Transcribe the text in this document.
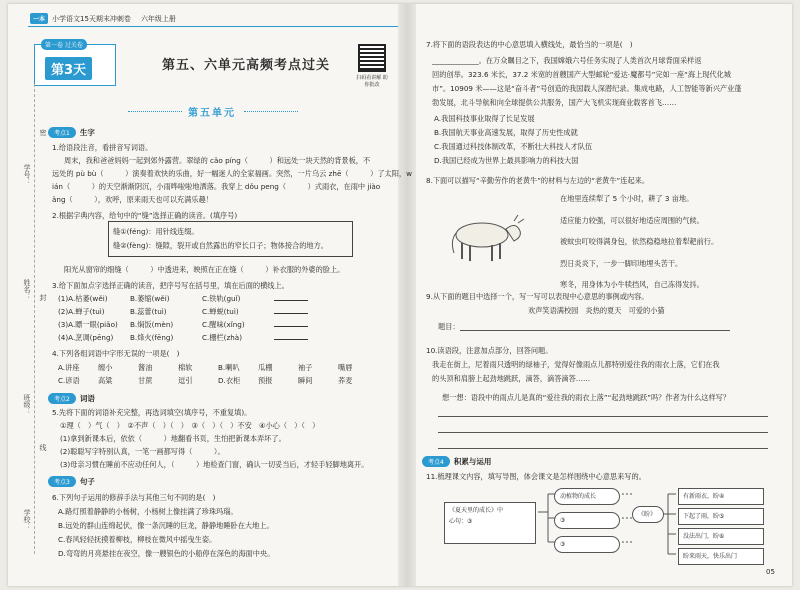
一本	小学语文15天期末冲刺卷 六年级上册
第一卷 过关卷
第3天	第五、六单元高频考点过关
扫码看讲解 助你批改
第五单元
学号：
姓名：
班级：
学校：
密
封
线
考点1	生字
1.给语段注音，看拼音写词语。
周末，我和爸爸妈妈一起到郊外露营。翠绿的 cǎo pínɡ（　　　）和远处一块天然的背景板，不
远处的 pù bù（　　　）演奏着欢快的乐曲，好一幅迷人的全家福画。突然，一片乌云 zhē（　　　）了太阳，w
ián（　　　）的天空渐渐阴沉，小雨哗啦啦地洒落。我穿上 dǒu penɡ（　　　）式雨衣，在雨中 jiào
ǎnɡ（　　　），欢呼，原来雨天也可以充满乐趣！
2.根据字典内容，给句中的“缝”选择正确的读音。(填序号)
缝①(fénɡ)：用针线连缀。
缝②(fènɡ)：缝隙，裂开或自然露出的窄长口子；物体接合的地方。
阳光从窗帘的细缝（　　　）中透进来，映照在正在缝（　　　）补衣服的外婆的脸上。
3.给下面加点字选择正确的读音，把序号写在括号里，填在后面的横线上。
(1)A.枯萎(wěi)	B.萎缩(wěi)	C.铁轨(guǐ)
(2)A.蝉子(tuì)	B.蕊蕾(tuì)	C.蝉蜕(tuì)
(3)A.瞟一眼(piǎo)	B.焖饭(mèn)	C.醒味(xǐnɡ)
(4)A.烹调(pēnɡ)	B.烽火(fēnɡ)	C.栅栏(zhà)
4.下列各组词语中字形无误的一项是(　)
A.讲座	缠小	酱油	棉软	B.喇叭	瓜棚	袖子	嘴唇
C.谚语	高粱	甘蔗	逗引	D.衣柜	预报	瞬间	荞麦
考点2	词语
5.先将下面的词语补充完整，再选词填空(填序号，不重复填)。
①理（　）气（　）　②不声（　）（　）　③（　）（　）不安　④小心（　）（　）
(1)拿到新课本后，依依（　　　）地翻看书页，生怕把新课本弄坏了。
(2)聪聪写字特别认真，一笔一画都写得（　　　）。
(3)母亲习惯在睡前不应动任何人，（　　　）地检查门窗，确认一切妥当后，才轻手轻脚地离开。
考点3	句子
6.下列句子运用的修辞手法与其他三句不同的是(　)
A.路灯照着静静的小杨树，小杨树上像挂满了珍珠玛瑙。
B.远处的群山连绵起伏，像一条沉睡的巨龙，静静地睡卧在大地上。
C.春风轻轻抚摸着柳枝，柳枝在微风中摇曳生姿。
D.弯弯的月亮悬挂在夜空，像一艘银色的小船停在深色的海面中央。
7.将下面的语段表达的中心意思填入横线处，最恰当的一项是(　)
_____________。在万众瞩目之下，我国嫦娥六号任务实现了人类首次月球背面采样返
回的创举。323.6 米长，37.2 米宽的首艘国产大型邮轮“爱达·魔都号”完如一座“海上现代化城
市”。10909 米——这是“奋斗者”号创造的我国载人深潜纪录。集成电路，人工智能等新兴产业蓬
勃发展，北斗导航和向全球提供公共服务，国产大飞机实现商业载客首飞……
A.我国科技事业取得了长足发展
B.我国航天事业高速发展，取得了历史性成就
C.我国通过科技体制改革，不断壮大科技人才队伍
D.我国已经成为世界上最具影响力的科技大国
8.下面可以描写“辛勤劳作的老黄牛”的材料与左边的“老黄牛”连起来。
在地里连续犁了 5 个小时，耕了 3 亩地。
适应能力较强，可以很好地适应周围的气候。
被蚊虫叮咬得满身包，依然稳稳地拉着犁耙前行。
烈日炎炎下，一步一脚印地埋头苦干。
寒冬，用身体为小牛犊挡风，自己冻得发抖。
9.从下面的题目中选择一个，写一写可以表现中心意思的事例或内容。
欢声笑语满校园　炎热的夏天　可爱的小猫
题目：
10.读语段，注意加点部分，回答问题。
我走在街上，尼着雨只透明的绿袖子，觉得好像雨点儿都特别爱往我的雨衣上落，它们在我
的头顶和肩膀上起劲地跳跃，滴答，滴答滴答……
想一想：语段中的雨点儿是真的“爱往我的雨衣上落”“起劲地跳跃”吗？作者为什么这样写？
考点4	积累与运用
11.梳理课文内容，填写导图，体会课文是怎样围绕中心意思来写的。
《夏天里的成长》中
心句：③
动植物的成长
③
③
《盼》
有新雨衣，盼④
下起了雨，盼⑤
没法出门，盼⑥
盼来雨天，快乐出门
05
